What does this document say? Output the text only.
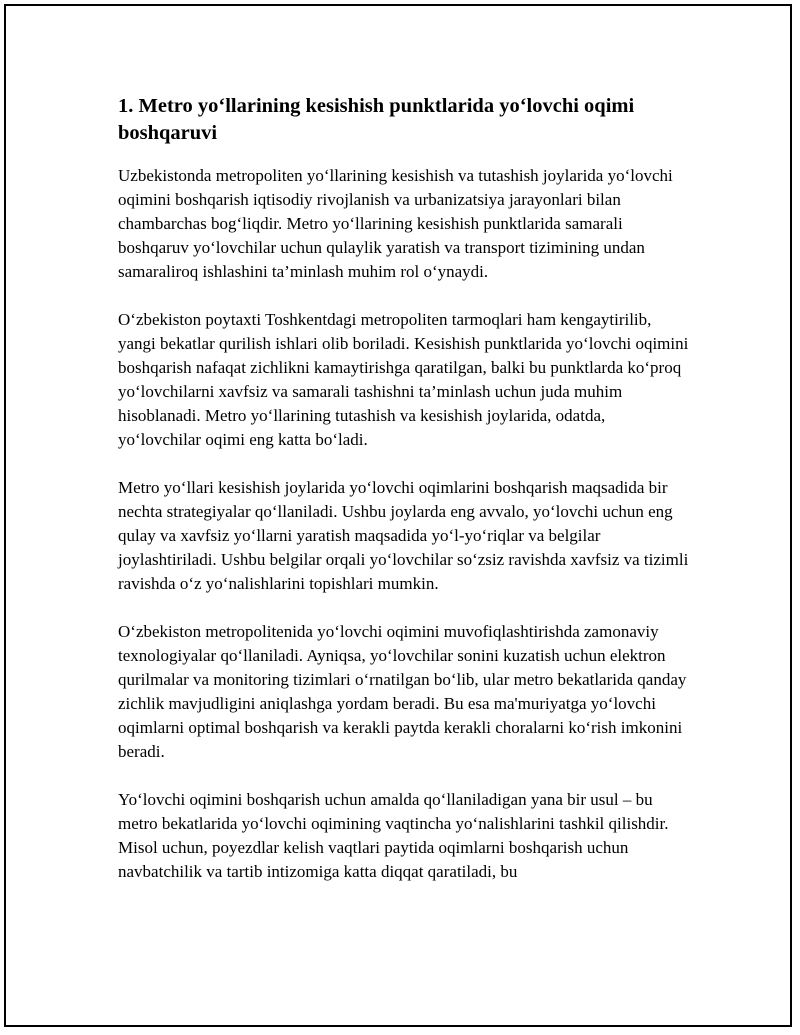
1. Metro yo‘llarining kesishish punktlarida yo‘lovchi oqimi boshqaruvi

Uzbekistonda metropoliten yo‘llarining kesishish va tutashish joylarida yo‘lovchi oqimini boshqarish iqtisodiy rivojlanish va urbanizatsiya jarayonlari bilan chambarchas bog‘liqdir. Metro yo‘llarining kesishish punktlarida samarali boshqaruv yo‘lovchilar uchun qulaylik yaratish va transport tizimining undan samaraliroq ishlashini ta’minlash muhim rol o‘ynaydi.

O‘zbekiston poytaxti Toshkentdagi metropoliten tarmoqlari ham kengaytirilib, yangi bekatlar qurilish ishlari olib boriladi. Kesishish punktlarida yo‘lovchi oqimini boshqarish nafaqat zichlikni kamaytirishga qaratilgan, balki bu punktlarda ko‘proq yo‘lovchilarni xavfsiz va samarali tashishni ta’minlash uchun juda muhim hisoblanadi. Metro yo‘llarining tutashish va kesishish joylarida, odatda, yo‘lovchilar oqimi eng katta bo‘ladi.

Metro yo‘llari kesishish joylarida yo‘lovchi oqimlarini boshqarish maqsadida bir nechta strategiyalar qo‘llaniladi. Ushbu joylarda eng avvalo, yo‘lovchi uchun eng qulay va xavfsiz yo‘llarni yaratish maqsadida yo‘l-yo‘riqlar va belgilar joylashtiriladi. Ushbu belgilar orqali yo‘lovchilar so‘zsiz ravishda xavfsiz va tizimli ravishda o‘z yo‘nalishlarini topishlari mumkin.

O‘zbekiston metropolitenida yo‘lovchi oqimini muvofiqlashtirishda zamonaviy texnologiyalar qo‘llaniladi. Ayniqsa, yo‘lovchilar sonini kuzatish uchun elektron qurilmalar va monitoring tizimlari o‘rnatilgan bo‘lib, ular metro bekatlarida qanday zichlik mavjudligini aniqlashga yordam beradi. Bu esa ma'muriyatga yo‘lovchi oqimlarni optimal boshqarish va kerakli paytda kerakli choralarni ko‘rish imkonini beradi.

Yo‘lovchi oqimini boshqarish uchun amalda qo‘llaniladigan yana bir usul – bu metro bekatlarida yo‘lovchi oqimining vaqtincha yo‘nalishlarini tashkil qilishdir. Misol uchun, poyezdlar kelish vaqtlari paytida oqimlarni boshqarish uchun navbatchilik va tartib intizomiga katta diqqat qaratiladi, bu
